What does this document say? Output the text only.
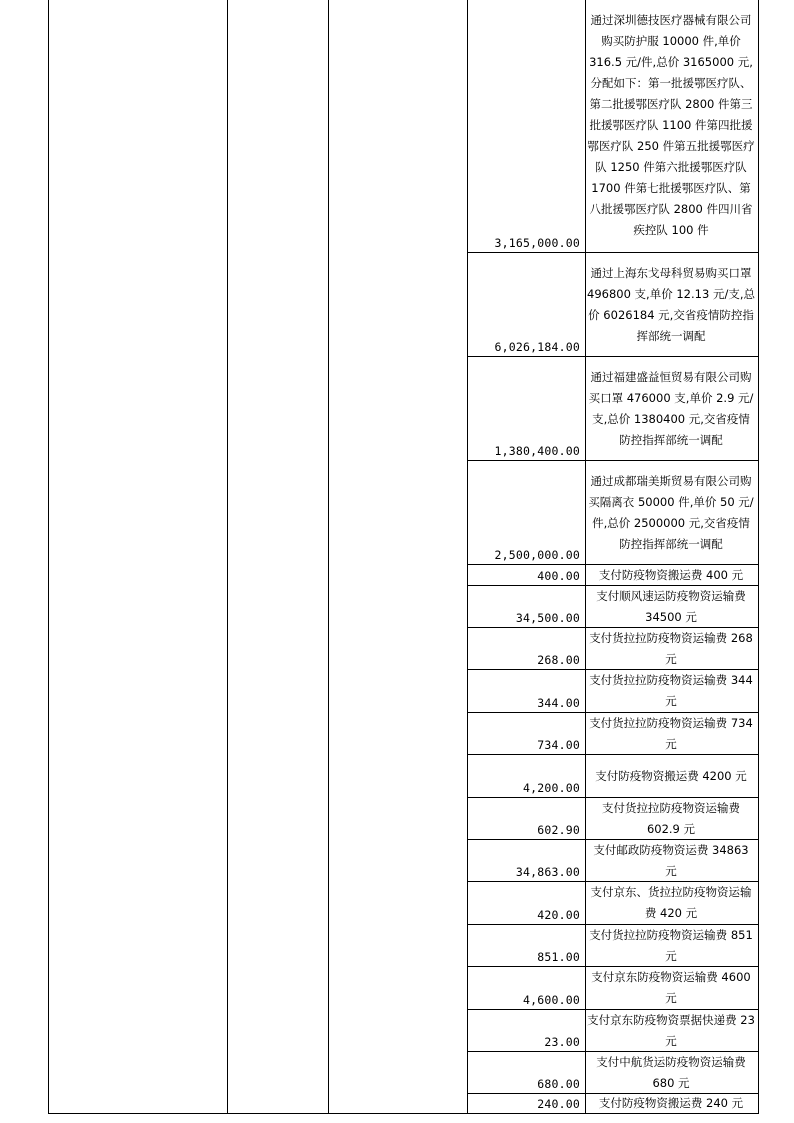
3,165,000.00
通过深圳德技医疗器械有限公司购买防护服 10000 件,单价 316.5 元/件,总价 3165000 元,分配如下：第一批援鄂医疗队、第二批援鄂医疗队 2800 件第三批援鄂医疗队 1100 件第四批援鄂医疗队 250 件第五批援鄂医疗队 1250 件第六批援鄂医疗队 1700 件第七批援鄂医疗队、第八批援鄂医疗队 2800 件四川省疾控队 100 件
6,026,184.00
通过上海东戈母科贸易购买口罩 496800 支,单价 12.13 元/支,总价 6026184 元,交省疫情防控指挥部统一调配
1,380,400.00
通过福建盛益恒贸易有限公司购买口罩 476000 支,单价 2.9 元/支,总价 1380400 元,交省疫情防控指挥部统一调配
2,500,000.00
通过成都瑞美斯贸易有限公司购买隔离衣 50000 件,单价 50 元/件,总价 2500000 元,交省疫情防控指挥部统一调配
400.00 支付防疫物资搬运费 400 元
34,500.00
支付顺风速运防疫物资运输费 34500 元
268.00
支付货拉拉防疫物资运输费 268 元
344.00
支付货拉拉防疫物资运输费 344 元
734.00
支付货拉拉防疫物资运输费 734 元
4,200.00
支付防疫物资搬运费 4200 元
602.90
支付货拉拉防疫物资运输费 602.9 元
34,863.00
支付邮政防疫物资运费 34863 元
420.00
支付京东、货拉拉防疫物资运输费 420 元
851.00
支付货拉拉防疫物资运输费 851 元
4,600.00
支付京东防疫物资运输费 4600 元
23.00
支付京东防疫物资票据快递费 23 元
680.00
支付中航货运防疫物资运输费 680 元
240.00 支付防疫物资搬运费 240 元
